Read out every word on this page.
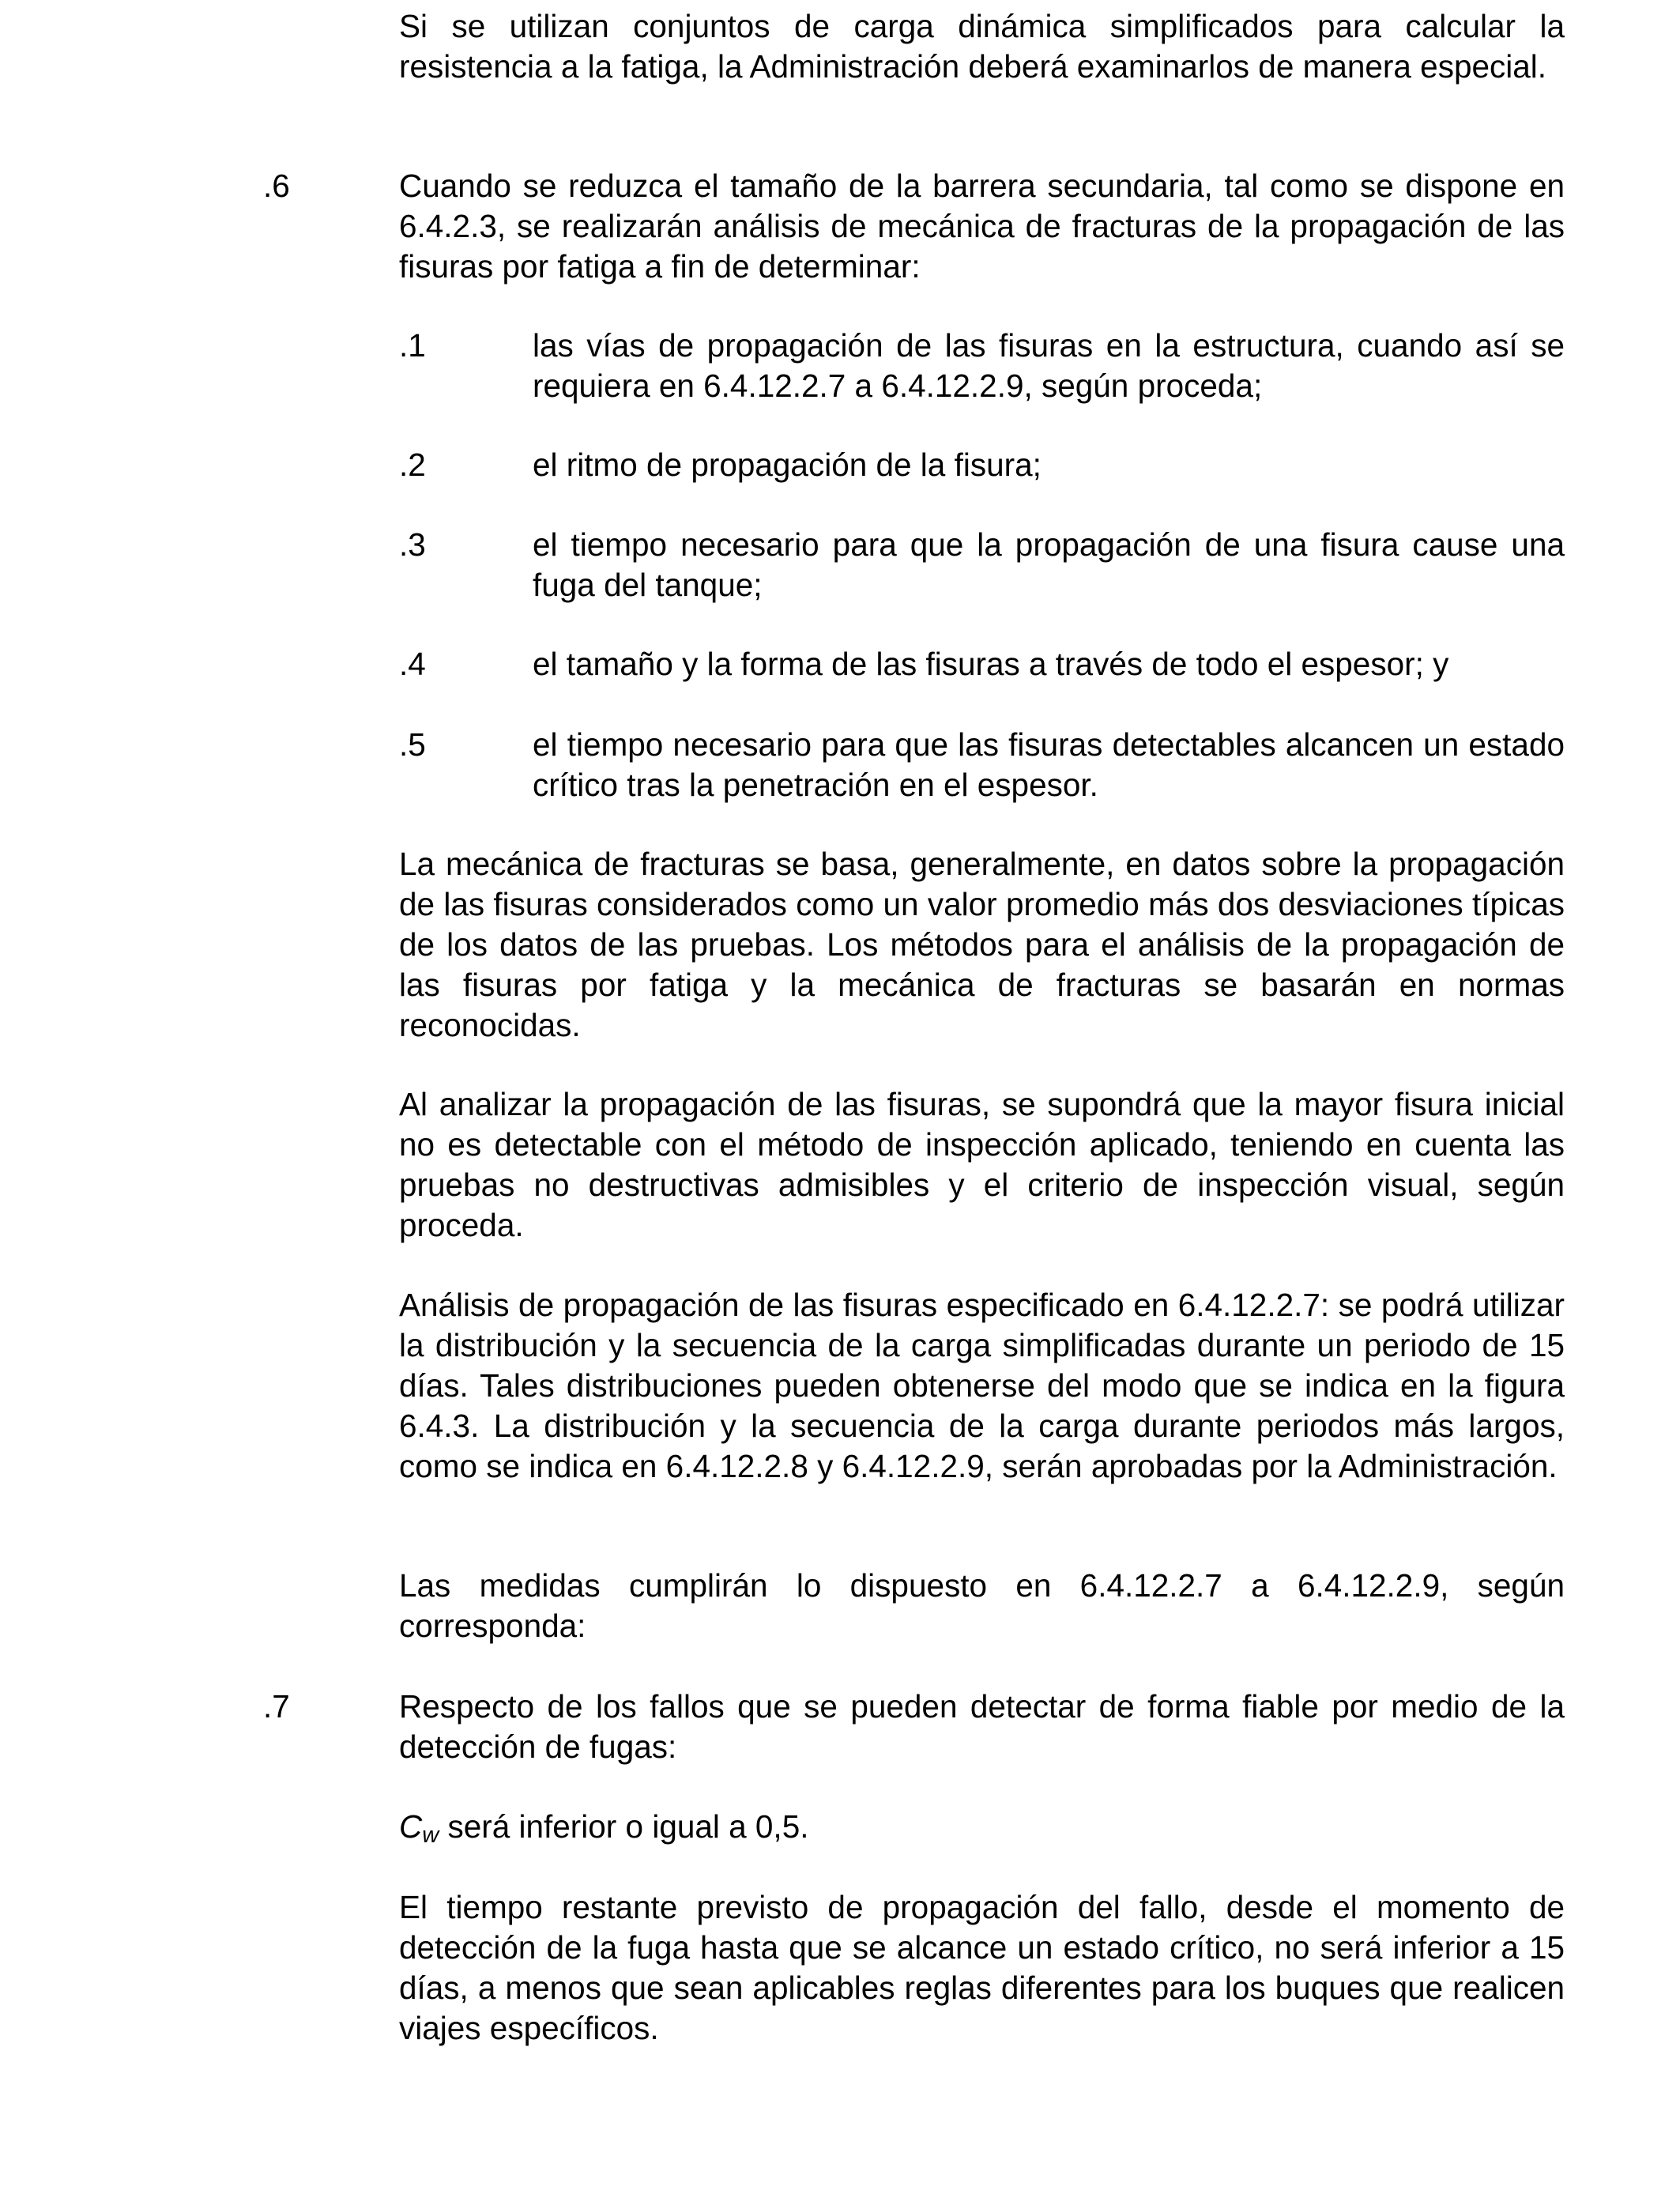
Si se utilizan conjuntos de carga dinámica simplificados para calcular la resistencia a la fatiga, la Administración deberá examinarlos de manera especial.

.6	Cuando se reduzca el tamaño de la barrera secundaria, tal como se dispone en 6.4.2.3, se realizarán análisis de mecánica de fracturas de la propagación de las fisuras por fatiga a fin de determinar:

.1	las vías de propagación de las fisuras en la estructura, cuando así se requiera en 6.4.12.2.7 a 6.4.12.2.9, según proceda;

.2	el ritmo de propagación de la fisura;

.3	el tiempo necesario para que la propagación de una fisura cause una fuga del tanque;

.4	el tamaño y la forma de las fisuras a través de todo el espesor; y

.5	el tiempo necesario para que las fisuras detectables alcancen un estado crítico tras la penetración en el espesor.

La mecánica de fracturas se basa, generalmente, en datos sobre la propagación de las fisuras considerados como un valor promedio más dos desviaciones típicas de los datos de las pruebas. Los métodos para el análisis de la propagación de las fisuras por fatiga y la mecánica de fracturas se basarán en normas reconocidas.

Al analizar la propagación de las fisuras, se supondrá que la mayor fisura inicial no es detectable con el método de inspección aplicado, teniendo en cuenta las pruebas no destructivas admisibles y el criterio de inspección visual, según proceda.

Análisis de propagación de las fisuras especificado en 6.4.12.2.7: se podrá utilizar la distribución y la secuencia de la carga simplificadas durante un periodo de 15 días. Tales distribuciones pueden obtenerse del modo que se indica en la figura 6.4.3. La distribución y la secuencia de la carga durante periodos más largos, como se indica en 6.4.12.2.8 y 6.4.12.2.9, serán aprobadas por la Administración.

Las medidas cumplirán lo dispuesto en 6.4.12.2.7 a 6.4.12.2.9, según corresponda:

.7	Respecto de los fallos que se pueden detectar de forma fiable por medio de la detección de fugas:

Cw será inferior o igual a 0,5.

El tiempo restante previsto de propagación del fallo, desde el momento de detección de la fuga hasta que se alcance un estado crítico, no será inferior a 15 días, a menos que sean aplicables reglas diferentes para los buques que realicen viajes específicos.
